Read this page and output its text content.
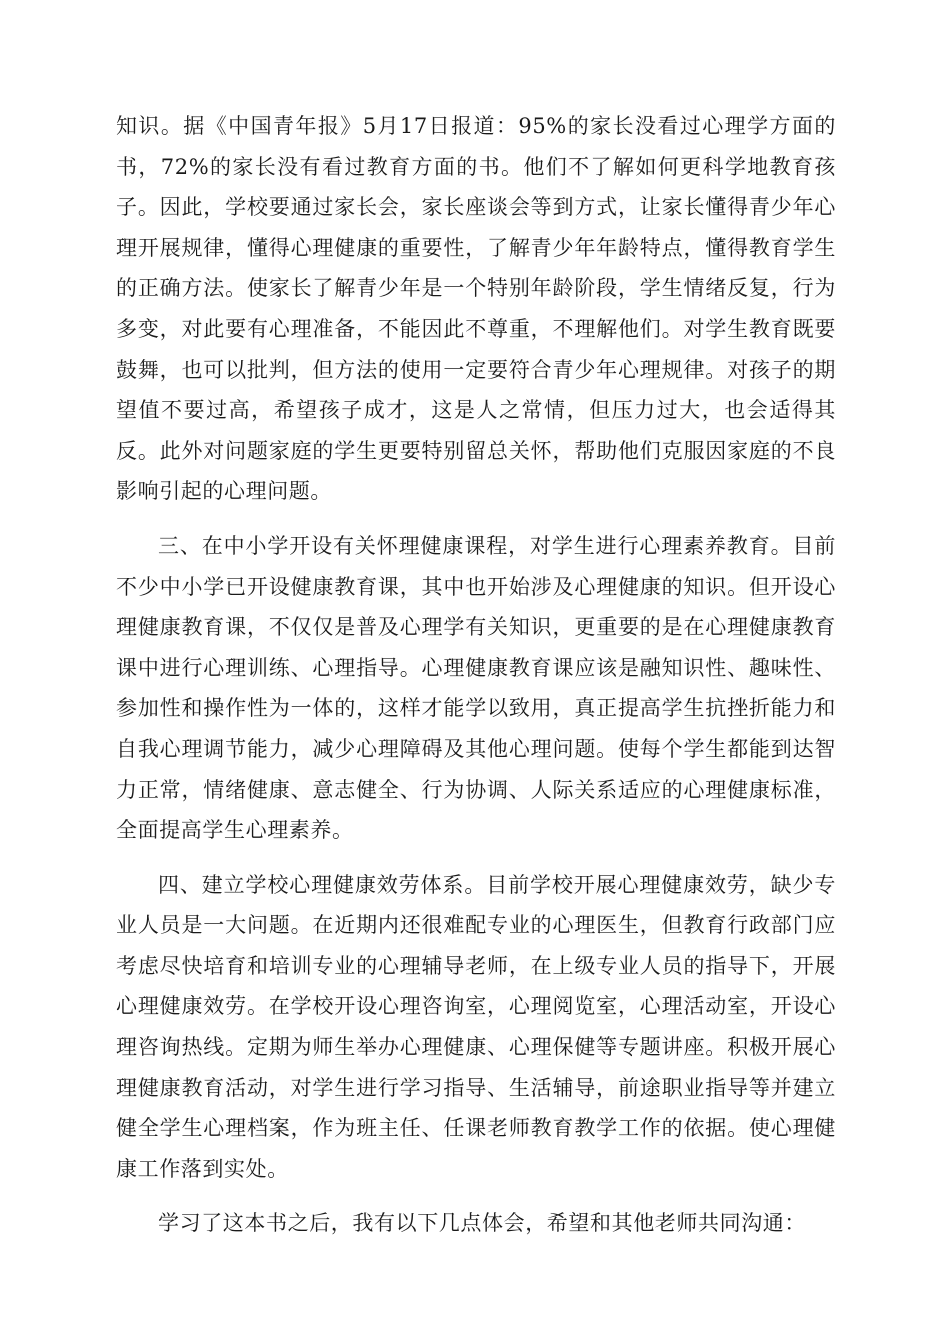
知识。据《中国青年报》5月17日报道：95%的家长没看过心理学方面的书，72%的家长没有看过教育方面的书。他们不了解如何更科学地教育孩子。因此，学校要通过家长会，家长座谈会等到方式，让家长懂得青少年心理开展规律，懂得心理健康的重要性，了解青少年年龄特点，懂得教育学生的正确方法。使家长了解青少年是一个特别年龄阶段，学生情绪反复，行为多变，对此要有心理准备，不能因此不尊重，不理解他们。对学生教育既要鼓舞，也可以批判，但方法的使用一定要符合青少年心理规律。对孩子的期望值不要过高，希望孩子成才，这是人之常情，但压力过大，也会适得其反。此外对问题家庭的学生更要特别留总关怀，帮助他们克服因家庭的不良影响引起的心理问题。

三、在中小学开设有关怀理健康课程，对学生进行心理素养教育。目前不少中小学已开设健康教育课，其中也开始涉及心理健康的知识。但开设心理健康教育课，不仅仅是普及心理学有关知识，更重要的是在心理健康教育课中进行心理训练、心理指导。心理健康教育课应该是融知识性、趣味性、参加性和操作性为一体的，这样才能学以致用，真正提高学生抗挫折能力和自我心理调节能力，减少心理障碍及其他心理问题。使每个学生都能到达智力正常，情绪健康、意志健全、行为协调、人际关系适应的心理健康标准，全面提高学生心理素养。

四、建立学校心理健康效劳体系。目前学校开展心理健康效劳，缺少专业人员是一大问题。在近期内还很难配专业的心理医生，但教育行政部门应考虑尽快培育和培训专业的心理辅导老师，在上级专业人员的指导下，开展心理健康效劳。在学校开设心理咨询室，心理阅览室，心理活动室，开设心理咨询热线。定期为师生举办心理健康、心理保健等专题讲座。积极开展心理健康教育活动，对学生进行学习指导、生活辅导，前途职业指导等并建立健全学生心理档案，作为班主任、任课老师教育教学工作的依据。使心理健康工作落到实处。

学习了这本书之后，我有以下几点体会，希望和其他老师共同沟通：
